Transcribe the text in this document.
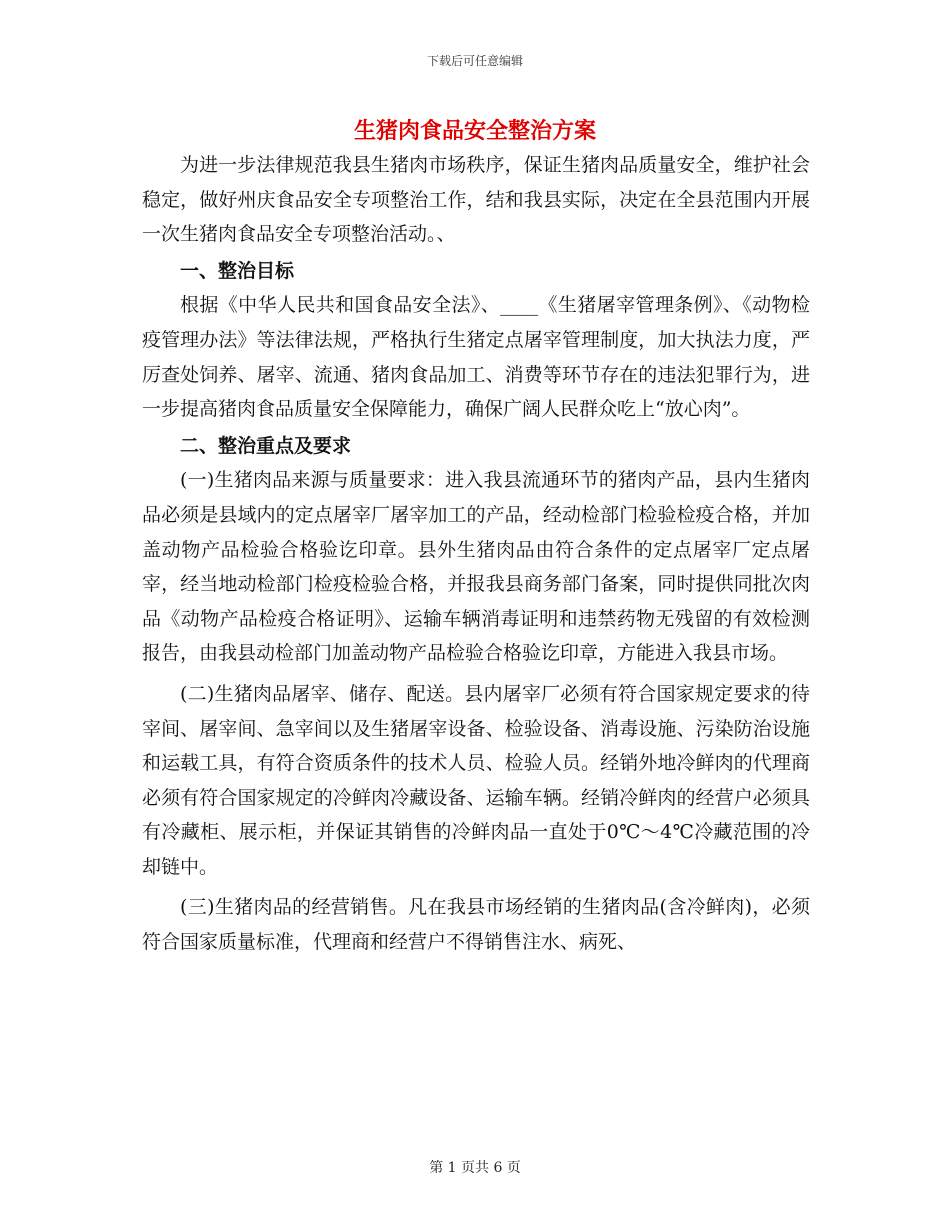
下载后可任意编辑
生猪肉食品安全整治方案

为进一步法律规范我县生猪肉市场秩序，保证生猪肉品质量安全，维护社会稳定，做好州庆食品安全专项整治工作，结和我县实际，决定在全县范围内开展一次生猪肉食品安全专项整治活动。、

一、整治目标

根据《中华人民共和国食品安全法》、____《生猪屠宰管理条例》、《动物检疫管理办法》等法律法规，严格执行生猪定点屠宰管理制度，加大执法力度，严厉查处饲养、屠宰、流通、猪肉食品加工、消费等环节存在的违法犯罪行为，进一步提高猪肉食品质量安全保障能力，确保广阔人民群众吃上“放心肉”。

二、整治重点及要求

(一)生猪肉品来源与质量要求：进入我县流通环节的猪肉产品，县内生猪肉品必须是县域内的定点屠宰厂屠宰加工的产品，经动检部门检验检疫合格，并加盖动物产品检验合格验讫印章。县外生猪肉品由符合条件的定点屠宰厂定点屠宰，经当地动检部门检疫检验合格，并报我县商务部门备案，同时提供同批次肉品《动物产品检疫合格证明》、运输车辆消毒证明和违禁药物无残留的有效检测报告，由我县动检部门加盖动物产品检验合格验讫印章，方能进入我县市场。

(二)生猪肉品屠宰、储存、配送。县内屠宰厂必须有符合国家规定要求的待宰间、屠宰间、急宰间以及生猪屠宰设备、检验设备、消毒设施、污染防治设施和运载工具，有符合资质条件的技术人员、检验人员。经销外地冷鲜肉的代理商必须有符合国家规定的冷鲜肉冷藏设备、运输车辆。经销冷鲜肉的经营户必须具有冷藏柜、展示柜，并保证其销售的冷鲜肉品一直处于0℃～4℃冷藏范围的冷却链中。

(三)生猪肉品的经营销售。凡在我县市场经销的生猪肉品(含冷鲜肉)，必须符合国家质量标准，代理商和经营户不得销售注水、病死、

第 1 页共 6 页
